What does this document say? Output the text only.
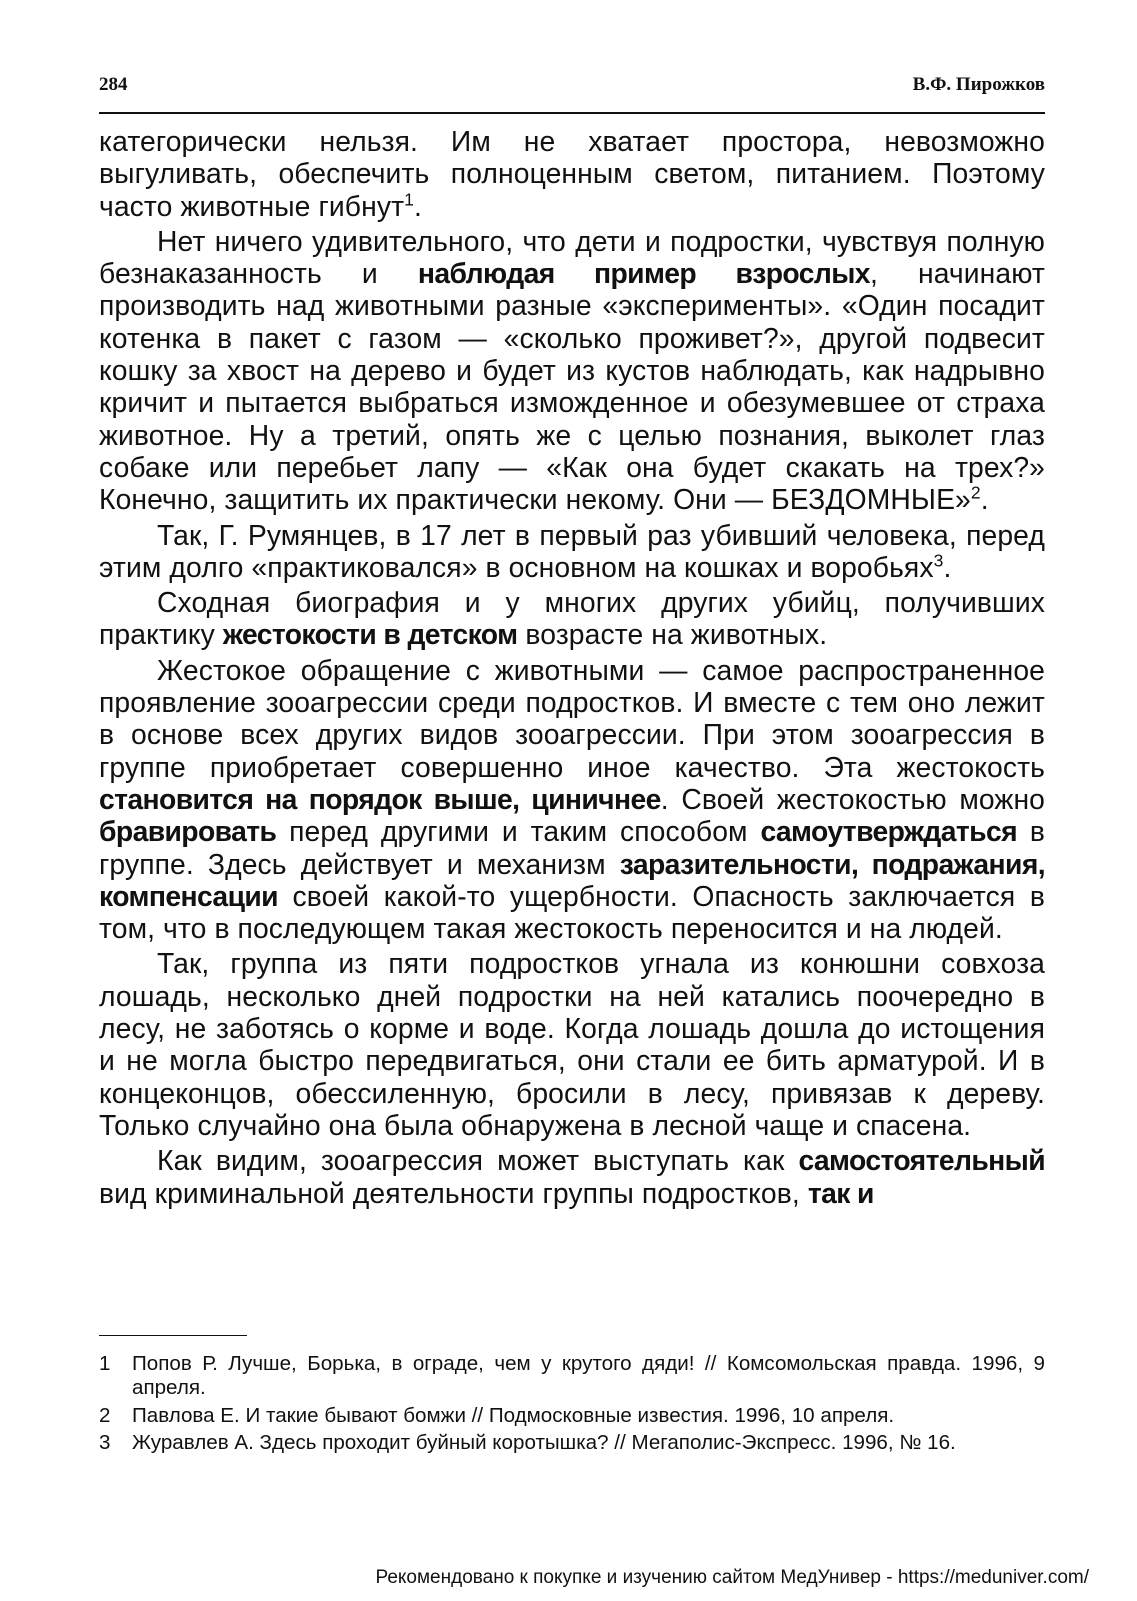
284	В.Ф. Пирожков

категорически нельзя. Им не хватает простора, невозможно выгуливать, обеспечить полноценным светом, питанием. Поэтому часто животные гибнут$^1$.

Нет ничего удивительного, что дети и подростки, чувствуя полную безнаказанность и наблюдая пример взрослых, начинают производить над животными разные «эксперименты». «Один посадит котенка в пакет с газом — «сколько проживет?», другой подвесит кошку за хвост на дерево и будет из кустов наблюдать, как надрывно кричит и пытается выбраться изможденное и обезумевшее от страха животное. Ну а третий, опять же с целью познания, выколет глаз собаке или перебьет лапу — «Как она будет скакать на трех?» Конечно, защитить их практически некому. Они — БЕЗДОМНЫЕ»$^2$.

Так, Г. Румянцев, в 17 лет в первый раз убивший человека, перед этим долго «практиковался» в основном на кошках и воробьях$^3$.

Сходная биография и у многих других убийц, получивших практику жестокости в детском возрасте на животных.

Жестокое обращение с животными — самое распространенное проявление зооагрессии среди подростков. И вместе с тем оно лежит в основе всех других видов зооагрессии. При этом зооагрессия в группе приобретает совершенно иное качество. Эта жестокость становится на порядок выше, циничнее. Своей жестокостью можно бравировать перед другими и таким способом самоутверждаться в группе. Здесь действует и механизм заразительности, подражания, компенсации своей какой-то ущербности. Опасность заключается в том, что в последующем такая жестокость переносится и на людей.

Так, группа из пяти подростков угнала из конюшни совхоза лошадь, несколько дней подростки на ней катались поочередно в лесу, не заботясь о корме и воде. Когда лошадь дошла до истощения и не могла быстро передвигаться, они стали ее бить арматурой. И в концеконцов, обессиленную, бросили в лесу, привязав к дереву. Только случайно она была обнаружена в лесной чаще и спасена.

Как видим, зооагрессия может выступать как самостоятельный вид криминальной деятельности группы подростков, так и

1	Попов Р. Лучше, Борька, в ограде, чем у крутого дяди! // Комсомольская правда. 1996, 9 апреля.
2	Павлова Е. И такие бывают бомжи // Подмосковные известия. 1996, 10 апреля.
3	Журавлев А. Здесь проходит буйный коротышка? // Мегаполис-Экспресс. 1996, № 16.
Рекомендовано к покупке и изучению сайтом МедУнивер - https://meduniver.com/
